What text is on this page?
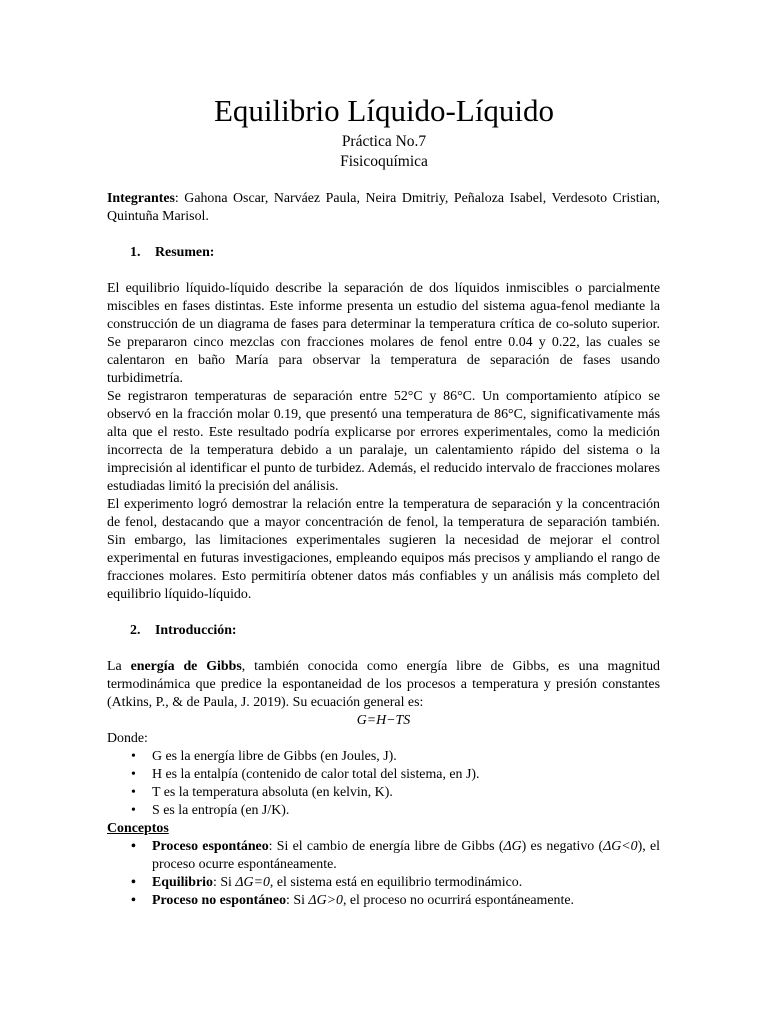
Equilibrio Líquido-Líquido
Práctica No.7
Fisicoquímica

Integrantes: Gahona Oscar, Narváez Paula, Neira Dmitriy, Peñaloza Isabel, Verdesoto Cristian, Quintuña Marisol.

1. Resumen:

El equilibrio líquido-líquido describe la separación de dos líquidos inmiscibles o parcialmente miscibles en fases distintas. Este informe presenta un estudio del sistema agua-fenol mediante la construcción de un diagrama de fases para determinar la temperatura crítica de co-soluto superior. Se prepararon cinco mezclas con fracciones molares de fenol entre 0.04 y 0.22, las cuales se calentaron en baño María para observar la temperatura de separación de fases usando turbidimetría.

Se registraron temperaturas de separación entre 52°C y 86°C. Un comportamiento atípico se observó en la fracción molar 0.19, que presentó una temperatura de 86°C, significativamente más alta que el resto. Este resultado podría explicarse por errores experimentales, como la medición incorrecta de la temperatura debido a un paralaje, un calentamiento rápido del sistema o la imprecisión al identificar el punto de turbidez. Además, el reducido intervalo de fracciones molares estudiadas limitó la precisión del análisis.

El experimento logró demostrar la relación entre la temperatura de separación y la concentración de fenol, destacando que a mayor concentración de fenol, la temperatura de separación también. Sin embargo, las limitaciones experimentales sugieren la necesidad de mejorar el control experimental en futuras investigaciones, empleando equipos más precisos y ampliando el rango de fracciones molares. Esto permitiría obtener datos más confiables y un análisis más completo del equilibrio líquido-líquido.

2. Introducción:

La energía de Gibbs, también conocida como energía libre de Gibbs, es una magnitud termodinámica que predice la espontaneidad de los procesos a temperatura y presión constantes (Atkins, P., & de Paula, J. 2019). Su ecuación general es:

G=H−TS
Donde:
• G es la energía libre de Gibbs (en Joules, J).
• H es la entalpía (contenido de calor total del sistema, en J).
• T es la temperatura absoluta (en kelvin, K).
• S es la entropía (en J/K).
Conceptos
• Proceso espontáneo: Si el cambio de energía libre de Gibbs (ΔG) es negativo (ΔG<0), el proceso ocurre espontáneamente.
• Equilibrio: Si ΔG=0, el sistema está en equilibrio termodinámico.
• Proceso no espontáneo: Si ΔG>0, el proceso no ocurrirá espontáneamente.
